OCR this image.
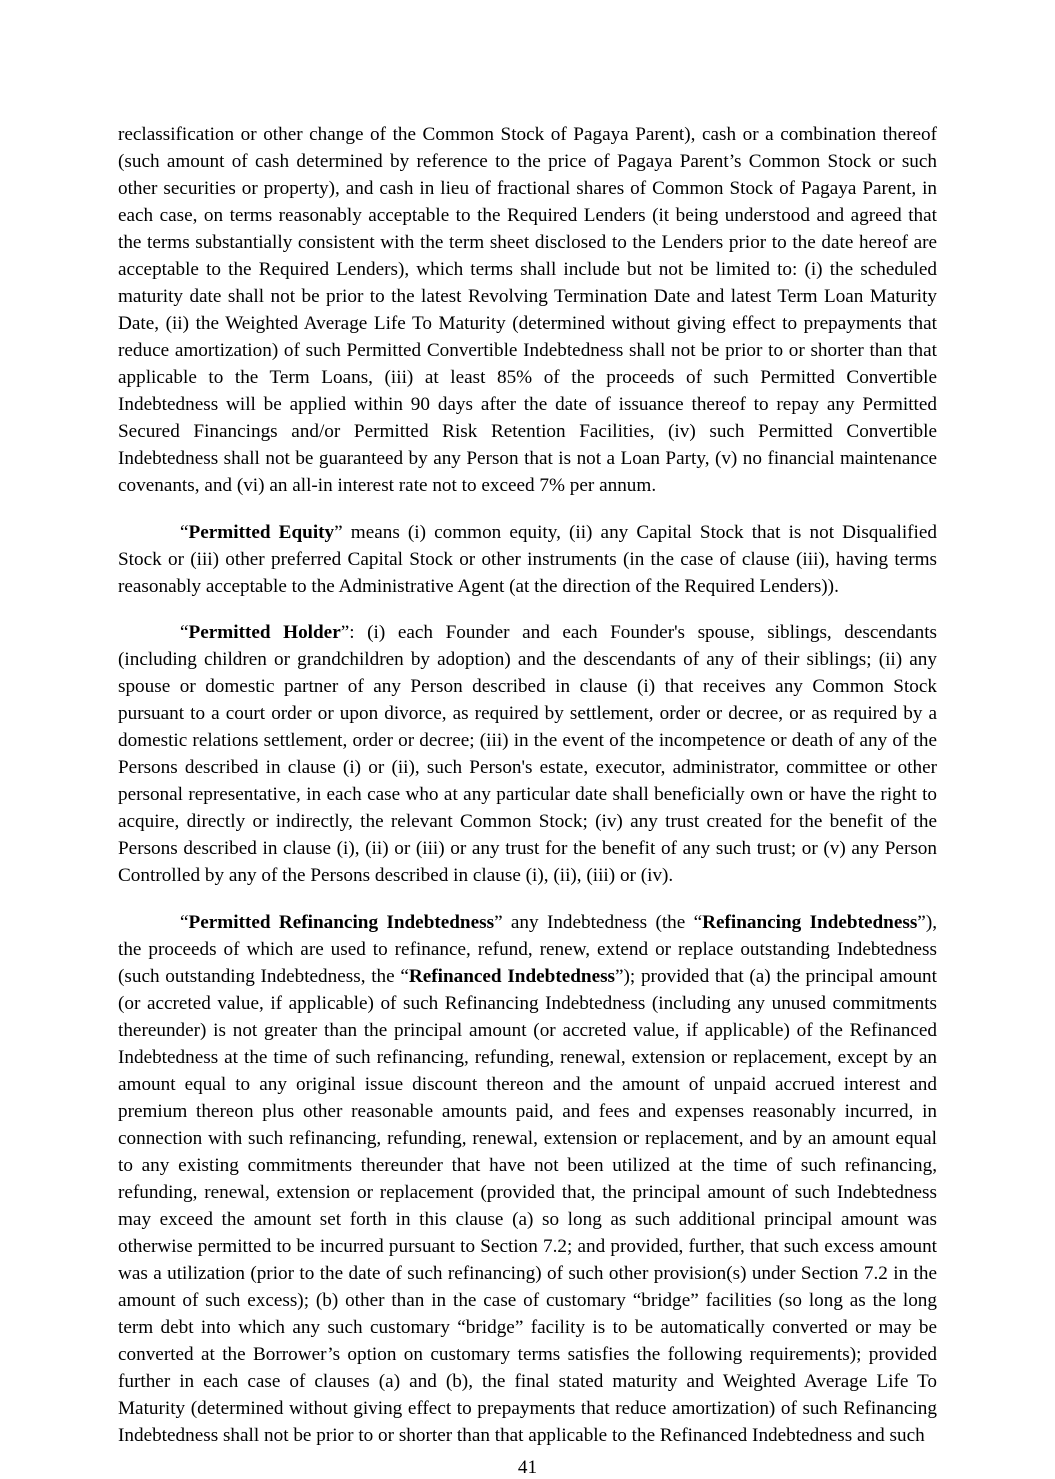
reclassification or other change of the Common Stock of Pagaya Parent), cash or a combination thereof (such amount of cash determined by reference to the price of Pagaya Parent’s Common Stock or such other securities or property), and cash in lieu of fractional shares of Common Stock of Pagaya Parent, in each case, on terms reasonably acceptable to the Required Lenders (it being understood and agreed that the terms substantially consistent with the term sheet disclosed to the Lenders prior to the date hereof are acceptable to the Required Lenders), which terms shall include but not be limited to: (i) the scheduled maturity date shall not be prior to the latest Revolving Termination Date and latest Term Loan Maturity Date, (ii) the Weighted Average Life To Maturity (determined without giving effect to prepayments that reduce amortization) of such Permitted Convertible Indebtedness shall not be prior to or shorter than that applicable to the Term Loans, (iii) at least 85% of the proceeds of such Permitted Convertible Indebtedness will be applied within 90 days after the date of issuance thereof to repay any Permitted Secured Financings and/or Permitted Risk Retention Facilities, (iv) such Permitted Convertible Indebtedness shall not be guaranteed by any Person that is not a Loan Party, (v) no financial maintenance covenants, and (vi) an all-in interest rate not to exceed 7% per annum.

“Permitted Equity” means (i) common equity, (ii) any Capital Stock that is not Disqualified Stock or (iii) other preferred Capital Stock or other instruments (in the case of clause (iii), having terms reasonably acceptable to the Administrative Agent (at the direction of the Required Lenders)).

“Permitted Holder”: (i) each Founder and each Founder's spouse, siblings, descendants (including children or grandchildren by adoption) and the descendants of any of their siblings; (ii) any spouse or domestic partner of any Person described in clause (i) that receives any Common Stock pursuant to a court order or upon divorce, as required by settlement, order or decree, or as required by a domestic relations settlement, order or decree; (iii) in the event of the incompetence or death of any of the Persons described in clause (i) or (ii), such Person's estate, executor, administrator, committee or other personal representative, in each case who at any particular date shall beneficially own or have the right to acquire, directly or indirectly, the relevant Common Stock; (iv) any trust created for the benefit of the Persons described in clause (i), (ii) or (iii) or any trust for the benefit of any such trust; or (v) any Person Controlled by any of the Persons described in clause (i), (ii), (iii) or (iv).

“Permitted Refinancing Indebtedness” any Indebtedness (the “Refinancing Indebtedness”), the proceeds of which are used to refinance, refund, renew, extend or replace outstanding Indebtedness (such outstanding Indebtedness, the “Refinanced Indebtedness”); provided that (a) the principal amount (or accreted value, if applicable) of such Refinancing Indebtedness (including any unused commitments thereunder) is not greater than the principal amount (or accreted value, if applicable) of the Refinanced Indebtedness at the time of such refinancing, refunding, renewal, extension or replacement, except by an amount equal to any original issue discount thereon and the amount of unpaid accrued interest and premium thereon plus other reasonable amounts paid, and fees and expenses reasonably incurred, in connection with such refinancing, refunding, renewal, extension or replacement, and by an amount equal to any existing commitments thereunder that have not been utilized at the time of such refinancing, refunding, renewal, extension or replacement (provided that, the principal amount of such Indebtedness may exceed the amount set forth in this clause (a) so long as such additional principal amount was otherwise permitted to be incurred pursuant to Section 7.2; and provided, further, that such excess amount was a utilization (prior to the date of such refinancing) of such other provision(s) under Section 7.2 in the amount of such excess); (b) other than in the case of customary “bridge” facilities (so long as the long term debt into which any such customary “bridge” facility is to be automatically converted or may be converted at the Borrower’s option on customary terms satisfies the following requirements); provided further in each case of clauses (a) and (b), the final stated maturity and Weighted Average Life To Maturity (determined without giving effect to prepayments that reduce amortization) of such Refinancing Indebtedness shall not be prior to or shorter than that applicable to the Refinanced Indebtedness and such

41
